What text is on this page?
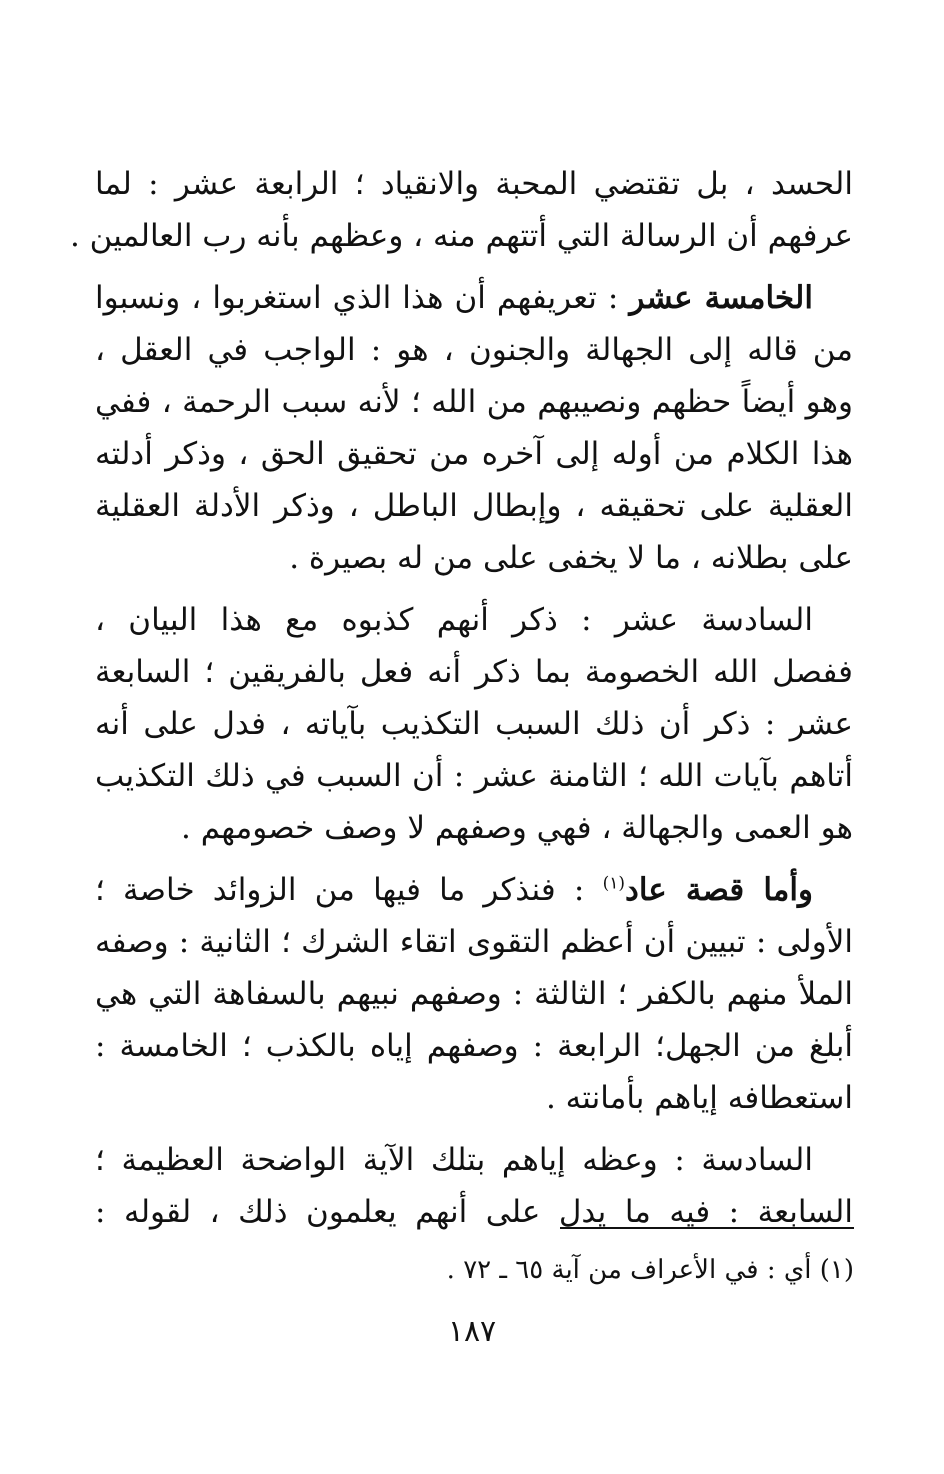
الحسد ، بل تقتضي المحبة والانقياد ؛ الرابعة عشر : لما
عرفهم أن الرسالة التي أتتهم منه ، وعظهم بأنه رب العالمين .
الخامسة عشر : تعريفهم أن هذا الذي استغربوا ، ونسبوا
من قاله إلى الجهالة والجنون ، هو : الواجب في العقل ،
وهو أيضاً حظهم ونصيبهم من الله ؛ لأنه سبب الرحمة ، ففي
هذا الكلام من أوله إلى آخره من تحقيق الحق ، وذكر أدلته
العقلية على تحقيقه ، وإبطال الباطل ، وذكر الأدلة العقلية
على بطلانه ، ما لا يخفى على من له بصيرة .
السادسة عشر : ذكر أنهم كذبوه مع هذا البيان ،
ففصل الله الخصومة بما ذكر أنه فعل بالفريقين ؛ السابعة
عشر : ذكر أن ذلك السبب التكذيب بآياته ، فدل على أنه
أتاهم بآيات الله ؛ الثامنة عشر : أن السبب في ذلك التكذيب
هو العمى والجهالة ، فهي وصفهم لا وصف خصومهم .
وأما قصة عاد$^{(١)}$ : فنذكر ما فيها من الزوائد خاصة ؛
الأولى : تبيين أن أعظم التقوى اتقاء الشرك ؛ الثانية : وصفه
الملأ منهم بالكفر ؛ الثالثة : وصفهم نبيهم بالسفاهة التي هي
أبلغ من الجهل؛ الرابعة : وصفهم إياه بالكذب ؛ الخامسة :
استعطافه إياهم بأمانته .
السادسة : وعظه إياهم بتلك الآية الواضحة العظيمة ؛
السابعة : فيه ما يدل على أنهم يعلمون ذلك ، لقوله :
(١) أي : في الأعراف من آية ٦٥ ـ ٧٢ .
١٨٧
